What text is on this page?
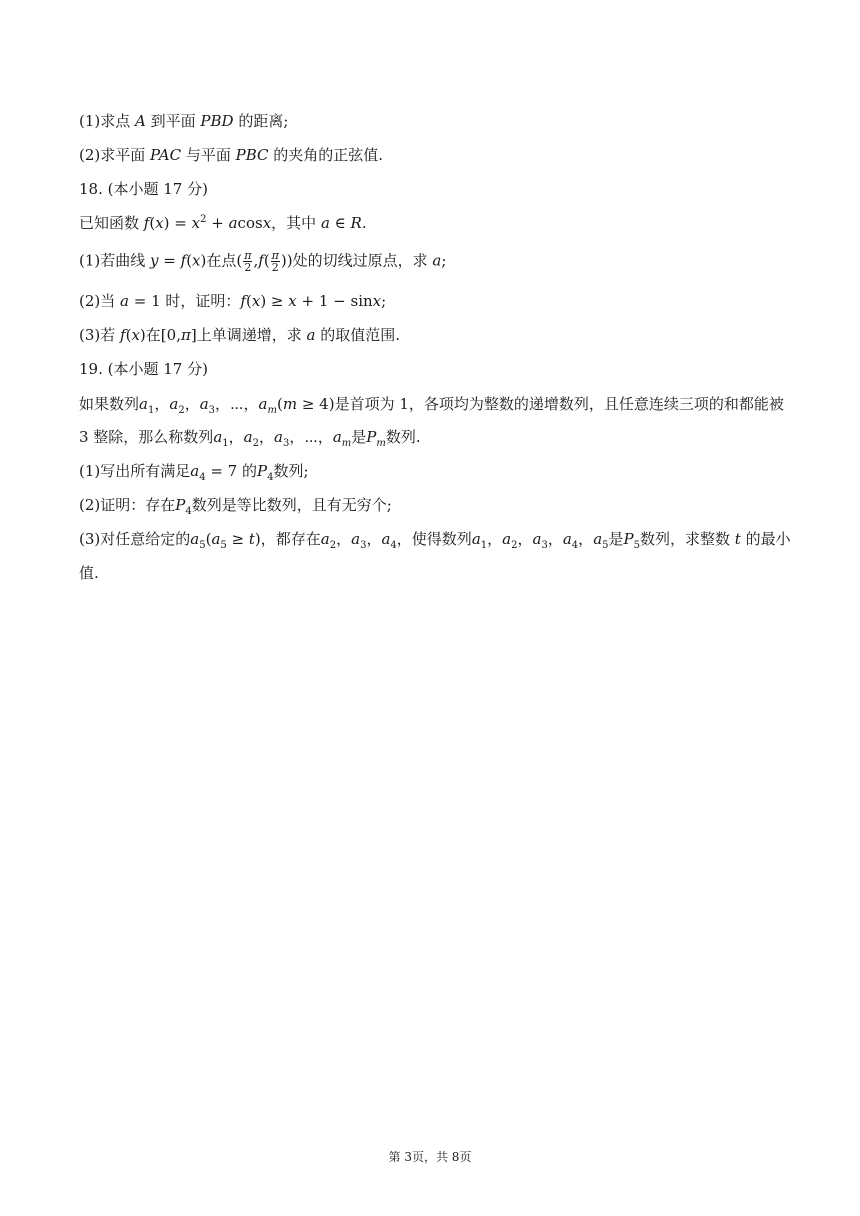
(1)求点 A 到平面 PBD 的距离;
(2)求平面 PAC 与平面 PBC 的夹角的正弦值.
18. (本小题 17 分)
已知函数 $f(x) = x^2 + acosx$，其中 a ∈ R.
(1)若曲线 y = f(x)在点( $\frac{\pi}{2} ,f( \frac{\pi}{2}$ ))处的切线过原点，求 a;
(2)当 a = 1 时，证明：f(x) ≥ x + 1 − sinx;
(3)若 f(x)在[0,π]上单调递增，求 a 的取值范围.
19. (本小题 17 分)
如果数列$a_1$，$a_2$，$a_3$，⋯，$a_m(m \ge 4)$是首项为 1，各项均为整数的递增数列，且任意连续三项的和都能被
3 整除，那么称数列$a_1$，$a_2$，$a_3$，⋯，$a_m$是$P_m$数列.
(1)写出所有满足$a_4 = 7$ 的$P_4$数列;
(2)证明：存在$P_4$数列是等比数列，且有无穷个;
(3)对任意给定的$a_5(a_5 \ge t)$，都存在$a_2$，$a_3$，$a_4$，使得数列$a_1$，$a_2$，$a_3$，$a_4$，$a_5$是$P_5$数列，求整数 t 的最小
值.
第 3页，共 8页
